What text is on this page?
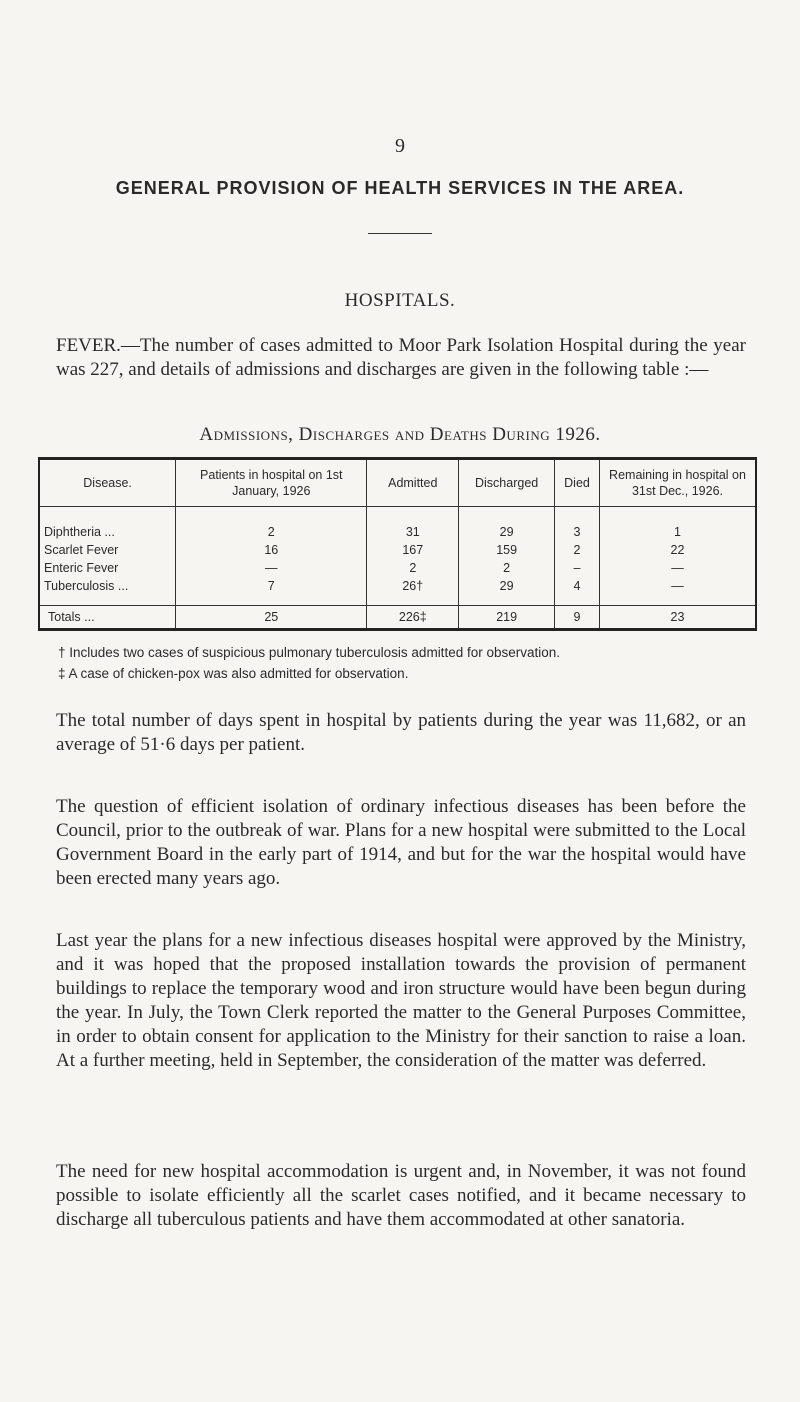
9
GENERAL PROVISION OF HEALTH SERVICES IN THE AREA.
HOSPITALS.
FEVER.—The number of cases admitted to Moor Park Isolation Hospital during the year was 227, and details of admissions and discharges are given in the following table :—
Admissions, Discharges and Deaths During 1926.
Disease.	Patients in hospital on 1st January, 1926	Admitted	Discharged	Died	Remaining in hospital on 31st Dec., 1926.
Diphtheria ...	2	31	29	3	1
Scarlet Fever	16	167	159	2	22
Enteric Fever	—	2	2	–	—
Tuberculosis ...	7	26†	29	4	—
Totals ...	25	226‡	219	9	23
† Includes two cases of suspicious pulmonary tuberculosis admitted for observation.
‡ A case of chicken-pox was also admitted for observation.
The total number of days spent in hospital by patients during the year was 11,682, or an average of 51·6 days per patient.
The question of efficient isolation of ordinary infectious diseases has been before the Council, prior to the outbreak of war. Plans for a new hospital were submitted to the Local Government Board in the early part of 1914, and but for the war the hospital would have been erected many years ago.
Last year the plans for a new infectious diseases hospital were approved by the Ministry, and it was hoped that the proposed installation towards the provision of permanent buildings to replace the temporary wood and iron structure would have been begun during the year. In July, the Town Clerk reported the matter to the General Purposes Committee, in order to obtain consent for application to the Ministry for their sanction to raise a loan. At a further meeting, held in September, the consideration of the matter was deferred.
The need for new hospital accommodation is urgent and, in November, it was not found possible to isolate efficiently all the scarlet cases notified, and it became necessary to discharge all tuberculous patients and have them accommodated at other sanatoria.
